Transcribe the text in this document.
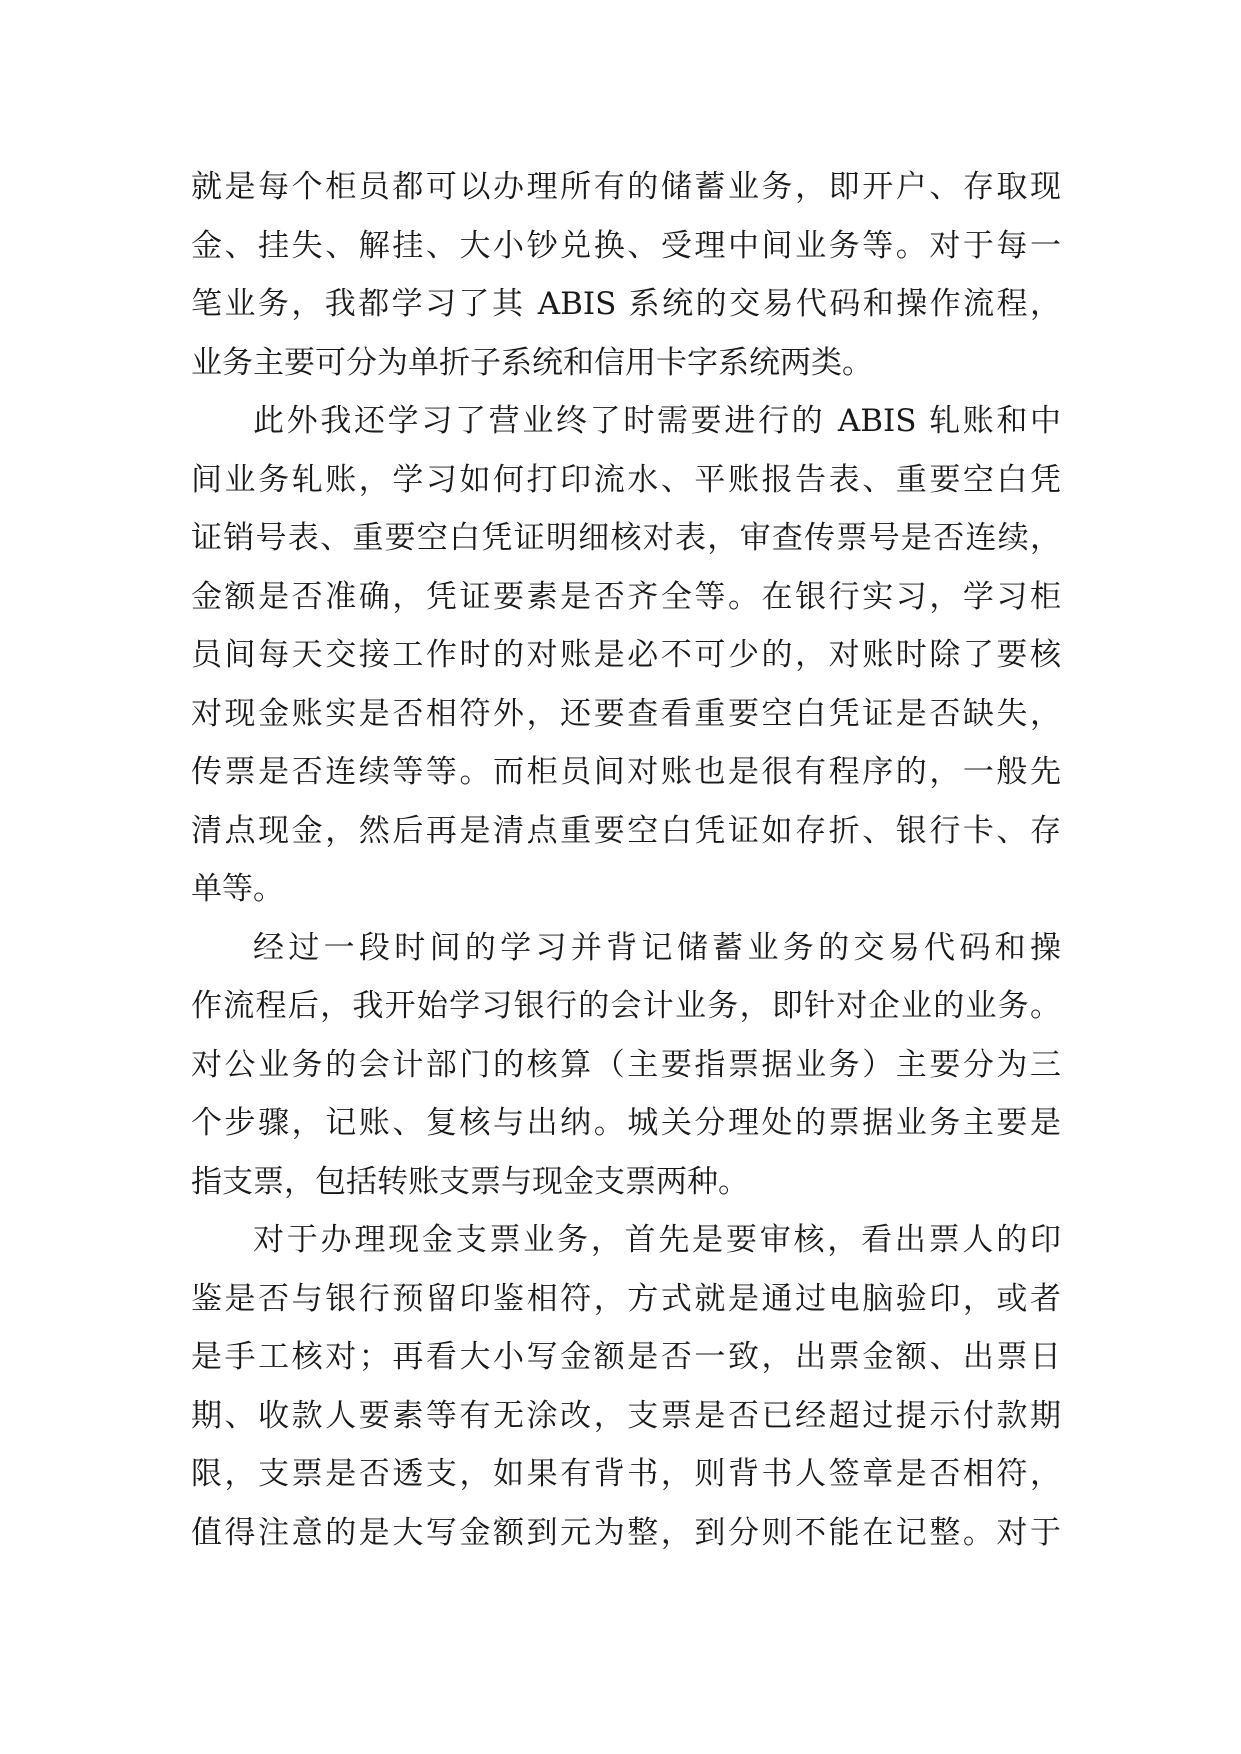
就是每个柜员都可以办理所有的储蓄业务，即开户、存取现
金、挂失、解挂、大小钞兑换、受理中间业务等。对于每一
笔业务，我都学习了其 ABIS 系统的交易代码和操作流程，
业务主要可分为单折子系统和信用卡字系统两类。
此外我还学习了营业终了时需要进行的 ABIS 轧账和中
间业务轧账，学习如何打印流水、平账报告表、重要空白凭
证销号表、重要空白凭证明细核对表，审查传票号是否连续，
金额是否准确，凭证要素是否齐全等。在银行实习，学习柜
员间每天交接工作时的对账是必不可少的，对账时除了要核
对现金账实是否相符外，还要查看重要空白凭证是否缺失，
传票是否连续等等。而柜员间对账也是很有程序的，一般先
清点现金，然后再是清点重要空白凭证如存折、银行卡、存
单等。
经过一段时间的学习并背记储蓄业务的交易代码和操
作流程后，我开始学习银行的会计业务，即针对企业的业务。
对公业务的会计部门的核算（主要指票据业务）主要分为三
个步骤，记账、复核与出纳。城关分理处的票据业务主要是
指支票，包括转账支票与现金支票两种。
对于办理现金支票业务，首先是要审核，看出票人的印
鉴是否与银行预留印鉴相符，方式就是通过电脑验印，或者
是手工核对；再看大小写金额是否一致，出票金额、出票日
期、收款人要素等有无涂改，支票是否已经超过提示付款期
限，支票是否透支，如果有背书，则背书人签章是否相符，
值得注意的是大写金额到元为整，到分则不能在记整。对于
